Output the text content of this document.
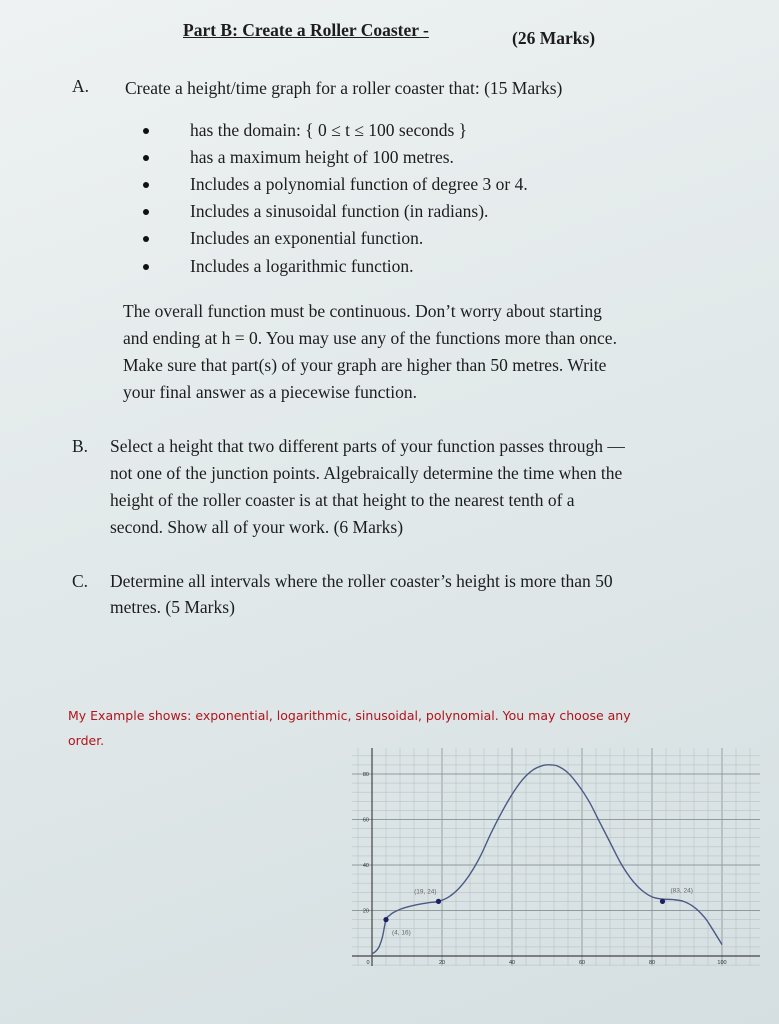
Part B: Create a Roller Coaster -	(26 Marks)
A. Create a height/time graph for a roller coaster that: (15 Marks)
has the domain: { 0 ≤ t ≤ 100 seconds }
has a maximum height of 100 metres.
Includes a polynomial function of degree 3 or 4.
Includes a sinusoidal function (in radians).
Includes an exponential function.
Includes a logarithmic function.
The overall function must be continuous. Don’t worry about starting
and ending at h = 0. You may use any of the functions more than once.
Make sure that part(s) of your graph are higher than 50 metres. Write
your final answer as a piecewise function.
B. Select a height that two different parts of your function passes through —
not one of the junction points. Algebraically determine the time when the
height of the roller coaster is at that height to the nearest tenth of a
second. Show all of your work. (6 Marks)
C. Determine all intervals where the roller coaster’s height is more than 50
metres. (5 Marks)
My Example shows: exponential, logarithmic, sinusoidal, polynomial. You may choose any
order.
0	20	40	60	80	100
20
40
60
80
(4, 16)
(19, 24)	(83, 24)
